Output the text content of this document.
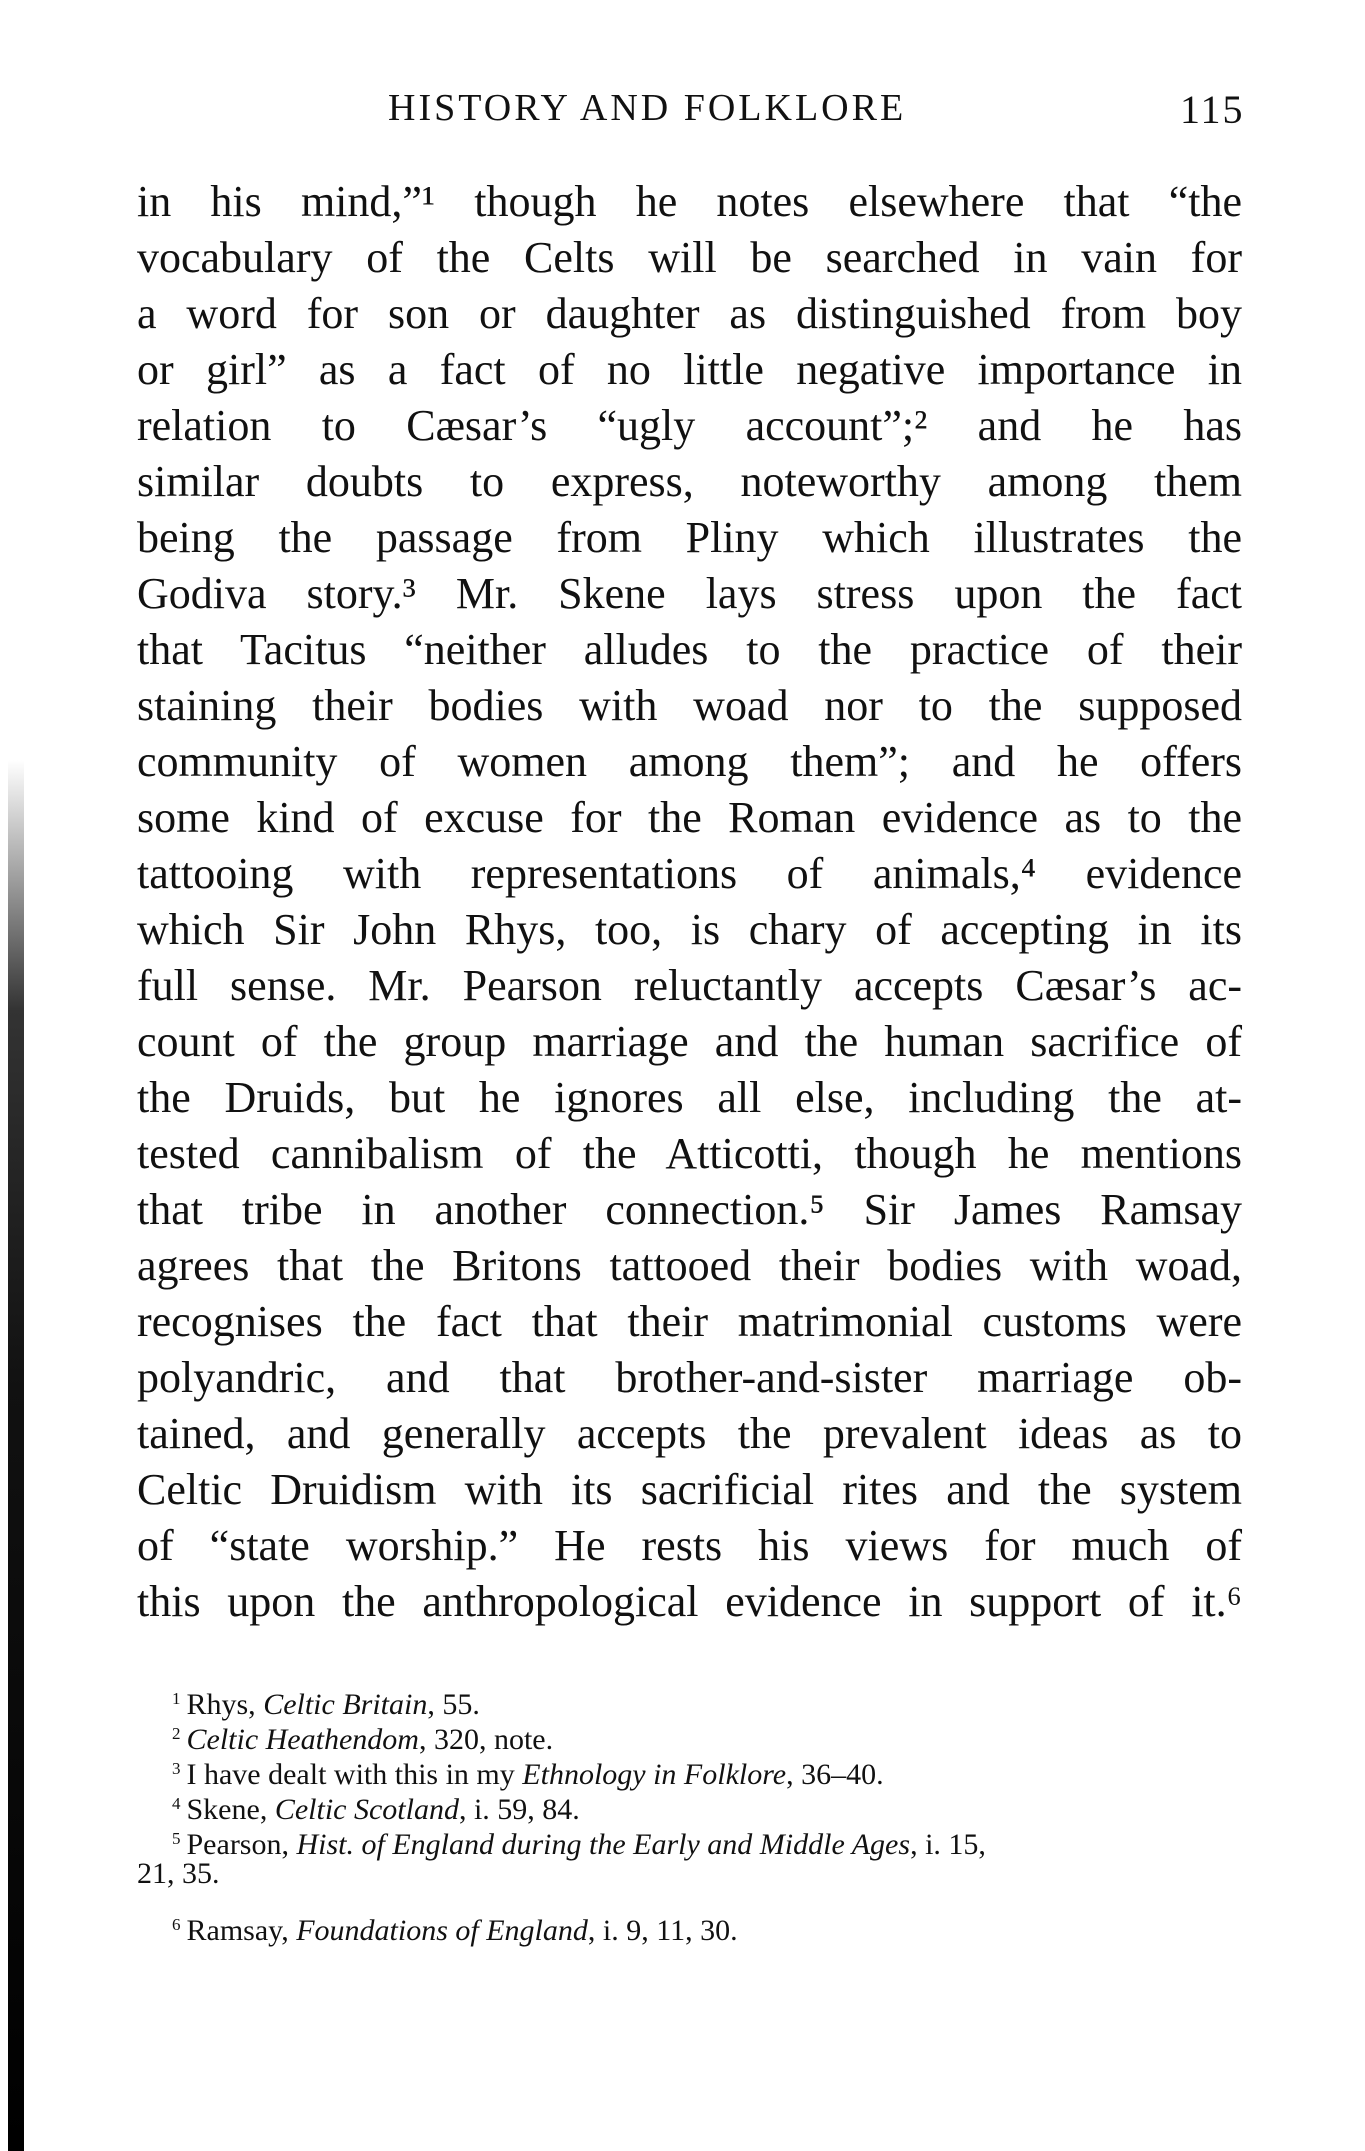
HISTORY AND FOLKLORE	115
in his mind,”¹ though he notes elsewhere that “the
vocabulary of the Celts will be searched in vain for
a word for son or daughter as distinguished from boy
or girl” as a fact of no little negative importance in
relation to Cæsar’s “ugly account”;² and he has
similar doubts to express, noteworthy among them
being the passage from Pliny which illustrates the
Godiva story.³ Mr. Skene lays stress upon the fact
that Tacitus “neither alludes to the practice of their
staining their bodies with woad nor to the supposed
community of women among them”; and he offers
some kind of excuse for the Roman evidence as to the
tattooing with representations of animals,⁴ evidence
which Sir John Rhys, too, is chary of accepting in its
full sense. Mr. Pearson reluctantly accepts Cæsar’s ac-
count of the group marriage and the human sacrifice of
the Druids, but he ignores all else, including the at-
tested cannibalism of the Atticotti, though he mentions
that tribe in another connection.⁵ Sir James Ramsay
agrees that the Britons tattooed their bodies with woad,
recognises the fact that their matrimonial customs were
polyandric, and that brother-and-sister marriage ob-
tained, and generally accepts the prevalent ideas as to
Celtic Druidism with its sacrificial rites and the system
of “state worship.” He rests his views for much of
this upon the anthropological evidence in support of it.⁶
$^1$ Rhys, Celtic Britain, 55.
$^2$ Celtic Heathendom, 320, note.
$^3$ I have dealt with this in my Ethnology in Folklore, 36–40.
$^4$ Skene, Celtic Scotland, i. 59, 84.
$^5$ Pearson, Hist. of England during the Early and Middle Ages, i. 15,
21, 35.
$^6$ Ramsay, Foundations of England, i. 9, 11, 30.
